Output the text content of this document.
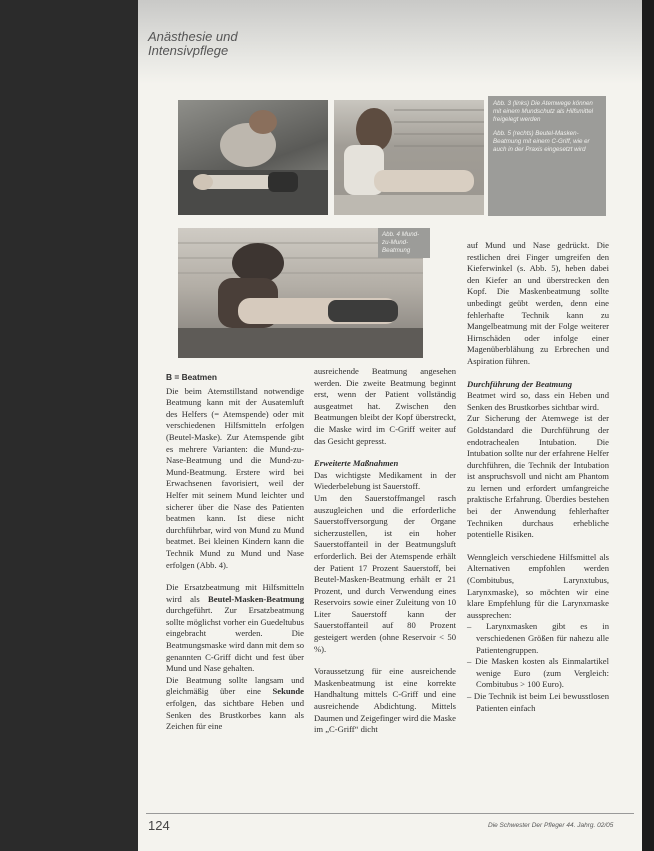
Anästhesie und
Intensivpflege
Abb. 3 (links) Die Atemwege können mit einem Mundschutz als Hilfsmittel freigelegt werden
Abb. 5 (rechts) Beutel-Masken-Beatmung mit einem C-Griff, wie er auch in der Praxis eingesetzt wird
Abb. 4 Mund-zu-Mund-Beatmung
B = Beatmen

Die beim Atemstillstand notwendige Beatmung kann mit der Ausatemluft des Helfers (= Atemspende) oder mit verschiedenen Hilfsmitteln erfolgen (Beutel-Maske). Zur Atemspende gibt es mehrere Varianten: die Mund-zu-Nase-Beatmung und die Mund-zu-Mund-Beatmung. Erstere wird bei Erwachsenen favorisiert, weil der Helfer mit seinem Mund leichter und sicherer über die Nase des Patienten beatmen kann. Ist diese nicht durchführbar, wird von Mund zu Mund beatmet. Bei kleinen Kindern kann die Technik Mund zu Mund und Nase erfolgen (Abb. 4).

Die Ersatzbeatmung mit Hilfsmitteln wird als Beutel-Masken-Beatmung durchgeführt. Zur Ersatzbeatmung sollte möglichst vorher ein Guedeltubus eingebracht werden. Die Beatmungsmaske wird dann mit dem so genannten C-Griff dicht und fest über Mund und Nase gehalten.

Die Beatmung sollte langsam und gleichmäßig über eine Sekunde erfolgen, das sichtbare Heben und Senken des Brustkorbes kann als Zeichen für eine

ausreichende Beatmung angesehen werden. Die zweite Beatmung beginnt erst, wenn der Patient vollständig ausgeatmet hat. Zwischen den Beatmungen bleibt der Kopf überstreckt, die Maske wird im C-Griff weiter auf das Gesicht gepresst.

Erweiterte Maßnahmen

Das wichtigste Medikament in der Wiederbelebung ist Sauerstoff.

Um den Sauerstoffmangel rasch auszugleichen und die erforderliche Sauerstoffversorgung der Organe sicherzustellen, ist ein hoher Sauerstoffanteil in der Beatmungsluft erforderlich. Bei der Atemspende erhält der Patient 17 Prozent Sauerstoff, bei Beutel-Masken-Beatmung erhält er 21 Prozent, und durch Verwendung eines Reservoirs sowie einer Zuleitung von 10 Liter Sauerstoff kann der Sauerstoffanteil auf 80 Prozent gesteigert werden (ohne Reservoir < 50 %).

Voraussetzung für eine ausreichende Maskenbeatmung ist eine korrekte Handhaltung mittels C-Griff und eine ausreichende Abdichtung. Mittels Daumen und Zeigefinger wird die Maske im „C-Griff“ dicht

auf Mund und Nase gedrückt. Die restlichen drei Finger umgreifen den Kieferwinkel (s. Abb. 5), heben dabei den Kiefer an und überstrecken den Kopf. Die Maskenbeatmung sollte unbedingt geübt werden, denn eine fehlerhafte Technik kann zu Mangelbeatmung mit der Folge weiterer Hirnschäden oder infolge einer Magenüberblähung zu Erbrechen und Aspiration führen.

Durchführung der Beatmung

Beatmet wird so, dass ein Heben und Senken des Brustkorbes sichtbar wird.

Zur Sicherung der Atemwege ist der Goldstandard die Durchführung der endotrachealen Intubation. Die Intubation sollte nur der erfahrene Helfer durchführen, die Technik der Intubation ist anspruchsvoll und nicht am Phantom zu lernen und erfordert umfangreiche praktische Erfahrung. Überdies bestehen bei der Anwendung fehlerhafter Techniken durchaus erhebliche potentielle Risiken.

Wenngleich verschiedene Hilfsmittel als Alternativen empfohlen werden (Combitubus, Larynxtubus, Larynxmaske), so möchten wir eine klare Empfehlung für die Larynxmaske aussprechen:

– Larynxmasken gibt es in verschiedenen Größen für nahezu alle Patientengruppen.
– Die Masken kosten als Einmalartikel wenige Euro (zum Vergleich: Combitubus > 100 Euro).
– Die Technik ist beim Lei bewusstlosen Patienten einfach
124	Die Schwester Der Pfleger 44. Jahrg. 02/05
